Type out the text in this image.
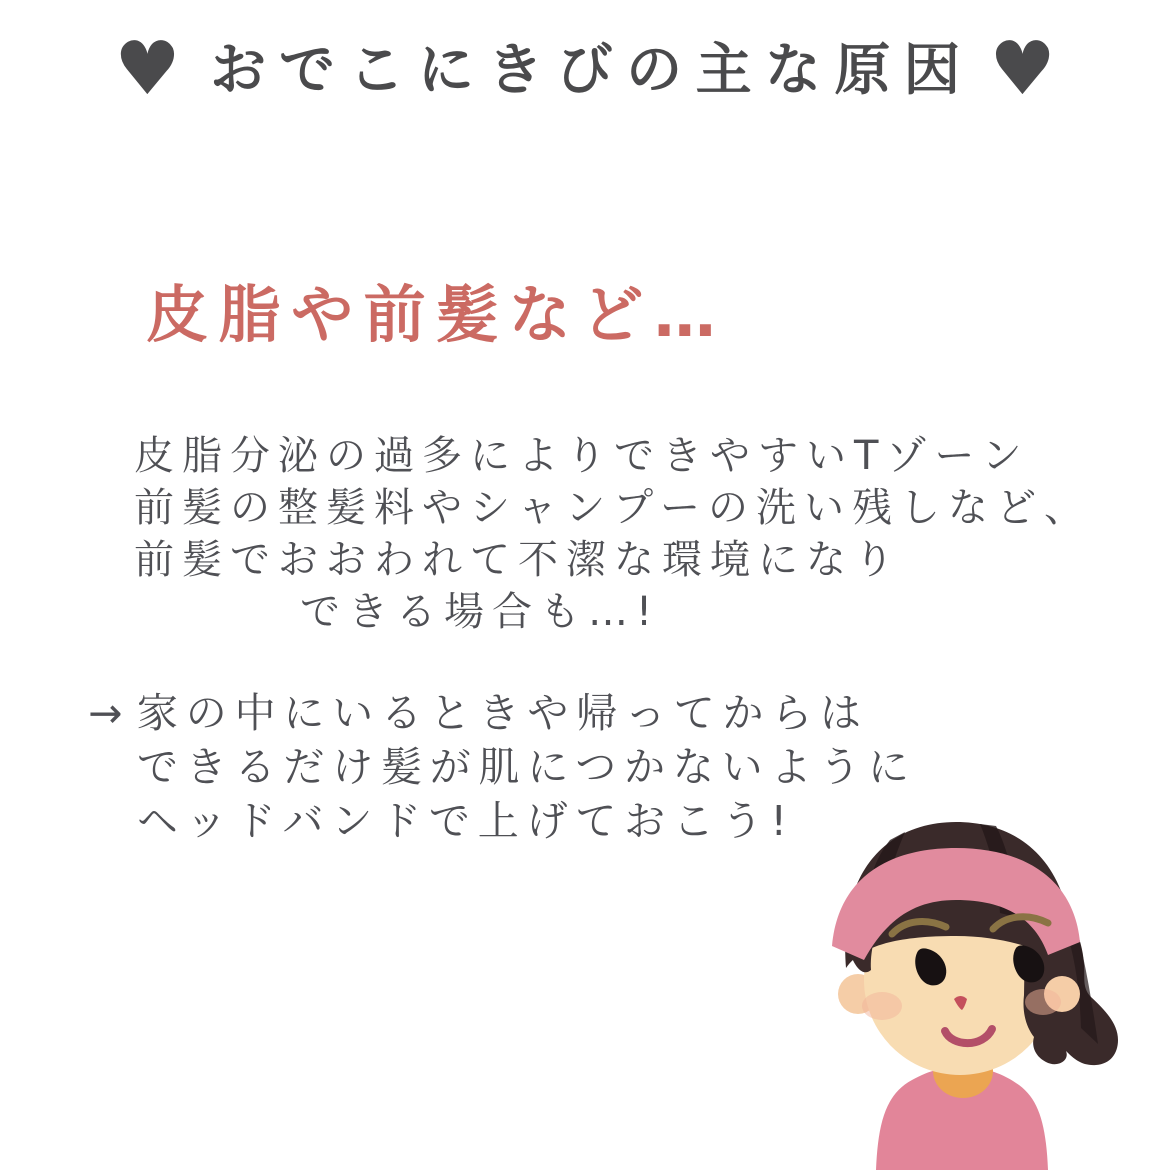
♥ おでこにきびの主な原因 ♥
皮脂や前髪など…
皮脂分泌の過多によりできやすいTゾーン
前髪の整髪料やシャンプーの洗い残しなど、
前髪でおおわれて不潔な環境になり
できる場合も…!
→ 家の中にいるときや帰ってからは
できるだけ髪が肌につかないように
ヘッドバンドで上げておこう!
